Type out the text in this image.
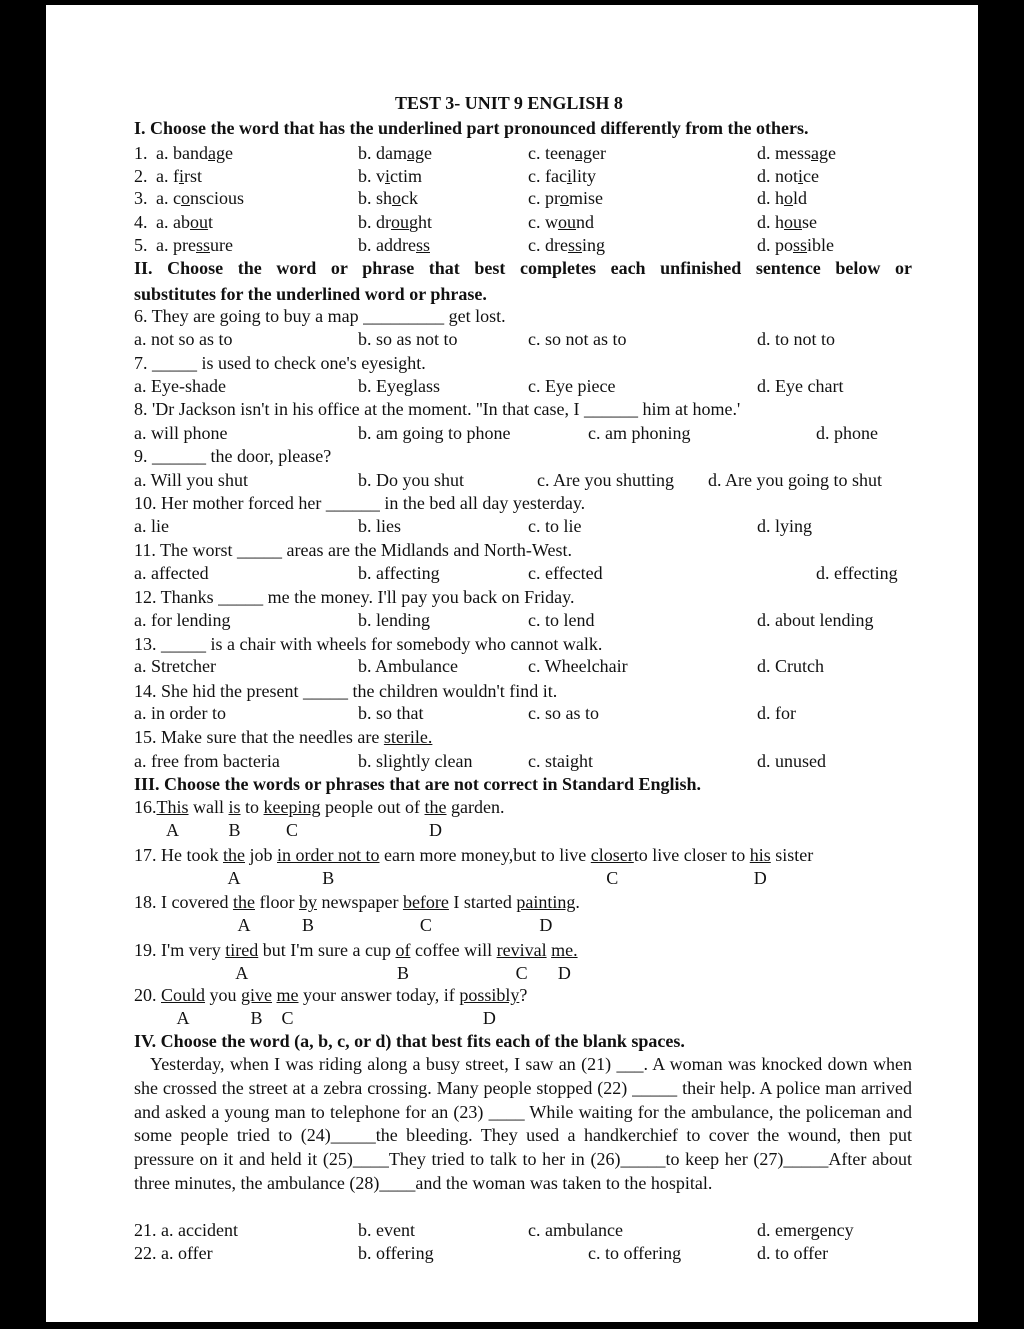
TEST 3- UNIT 9 ENGLISH 8
I. Choose the word that has the underlined part pronounced differently from the others.
1. a. bandage	b. damage	c. teenager	d. message
2. a. first	b. victim	c. facility	d. notice
3. a. conscious	b. shock	c. promise	d. hold
4. a. about	b. drought	c. wound	d. house
5. a. pressure	b. address	c. dressing	d. possible
II. Choose the word or phrase that best completes each unfinished sentence below or
substitutes for the underlined word or phrase.
6. They are going to buy a map _________ get lost.
a. not so as to	b. so as not to	c. so not as to	d. to not to
7. _____ is used to check one's eyesight.
a. Eye-shade	b. Eyeglass	c. Eye piece	d. Eye chart
8. 'Dr Jackson isn't in his office at the moment. ''In that case, I ______ him at home.'
a. will phone	b. am going to phone	c. am phoning	d. phone
9. ______ the door, please?
a. Will you shut	b. Do you shut	c. Are you shutting d. Are you going to shut
10. Her mother forced her ______ in the bed all day yesterday.
a. lie	b. lies	c. to lie	d. lying
11. The worst _____ areas are the Midlands and North-West.
a. affected	b. affecting	c. effected	d. effecting
12. Thanks _____ me the money. I'll pay you back on Friday.
a. for lending	b. lending	c. to lend	d. about lending
13. _____ is a chair with wheels for somebody who cannot walk.
a. Stretcher	b. Ambulance	c. Wheelchair	d. Crutch
14. She hid the present _____ the children wouldn't find it.
a. in order to	b. so that	c. so as to	d. for
15. Make sure that the needles are sterile.
a. free from bacteria	b. slightly clean	c. staight	d. unused
III. Choose the words or phrases that are not correct in Standard English.
16.This
A
wall is
B
to keeping
C
people out of the
D
garden.
17. He took the
A
job in order not to
B
earn more money,but to live closer
C
to live closer to his
D
sister
18. I covered the
A
floor by
B
newspaper before
C
I started painting
D
.
19. I'm very tired
A
but I'm sure a cup of
B
coffee will revival
C
me.
D
20. Could
A
you give
B
me
C
your answer today, if possibly
D
?
IV. Choose the word (a, b, c, or d) that best fits each of the blank spaces.
Yesterday, when I was riding along a busy street, I saw an (21) ___. A woman was knocked down when she crossed the street at a zebra crossing. Many people stopped (22) _____ their help. A police man arrived and asked a young man to telephone for an (23) ____ While waiting for the ambulance, the policeman and some people tried to (24)_____the bleeding. They used a handkerchief to cover the wound, then put pressure on it and held it (25)____They tried to talk to her in (26)_____to keep her (27)_____After about three minutes, the ambulance (28)____and the woman was taken to the hospital.
21. a. accident	b. event	c. ambulance	d. emergency
22. a. offer	b. offering	c. to offering	d. to offer
